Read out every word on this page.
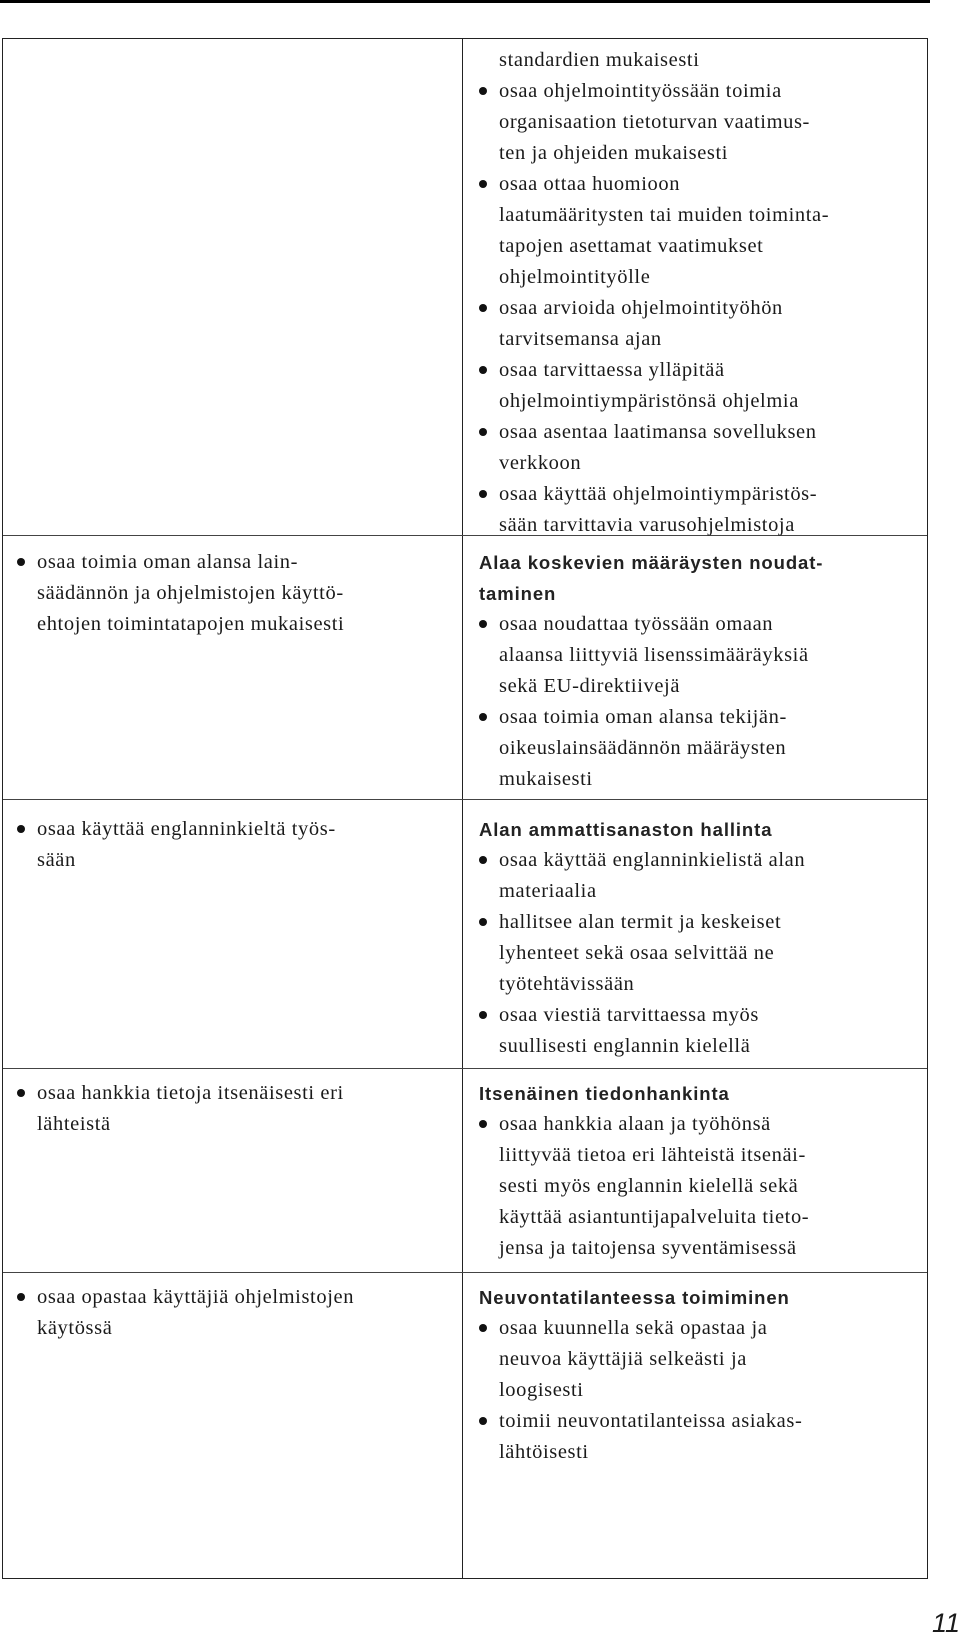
standardien mukaisesti

osaa ohjelmointityössään toimia
organisaation tietoturvan vaatimus-
ten ja ohjeiden mukaisesti
osaa ottaa huomioon
laatumääritysten tai muiden toiminta-
tapojen asettamat vaatimukset
ohjelmointityölle
osaa arvioida ohjelmointityöhön
tarvitsemansa ajan
osaa tarvittaessa ylläpitää
ohjelmointiympäristönsä ohjelmia
osaa asentaa laatimansa sovelluksen
verkkoon
osaa käyttää ohjelmointiympäristös-
sään tarvittavia varusohjelmistoja
osaa toimia oman alansa lain-
säädännön ja ohjelmistojen käyttö-
ehtojen toimintatapojen mukaisesti
Alaa koskevien määräysten noudat-
taminen
osaa noudattaa työssään omaan
alaansa liittyviä lisenssimääräyksiä
sekä EU-direktiivejä
osaa toimia oman alansa tekijän-
oikeuslainsäädännön määräysten
mukaisesti
osaa käyttää englanninkieltä työs-
sään
Alan ammattisanaston hallinta
osaa käyttää englanninkielistä alan
materiaalia
hallitsee alan termit ja keskeiset
lyhenteet sekä osaa selvittää ne
työtehtävissään
osaa viestiä tarvittaessa myös
suullisesti englannin kielellä
osaa hankkia tietoja itsenäisesti eri
lähteistä
Itsenäinen tiedonhankinta
osaa hankkia alaan ja työhönsä
liittyvää tietoa eri lähteistä itsenäi-
sesti myös englannin kielellä sekä
käyttää asiantuntijapalveluita tieto-
jensa ja taitojensa syventämisessä
osaa opastaa käyttäjiä ohjelmistojen
käytössä
Neuvontatilanteessa toimiminen
osaa kuunnella sekä opastaa ja
neuvoa käyttäjiä selkeästi ja
loogisesti
toimii neuvontatilanteissa asiakas-
lähtöisesti
11
